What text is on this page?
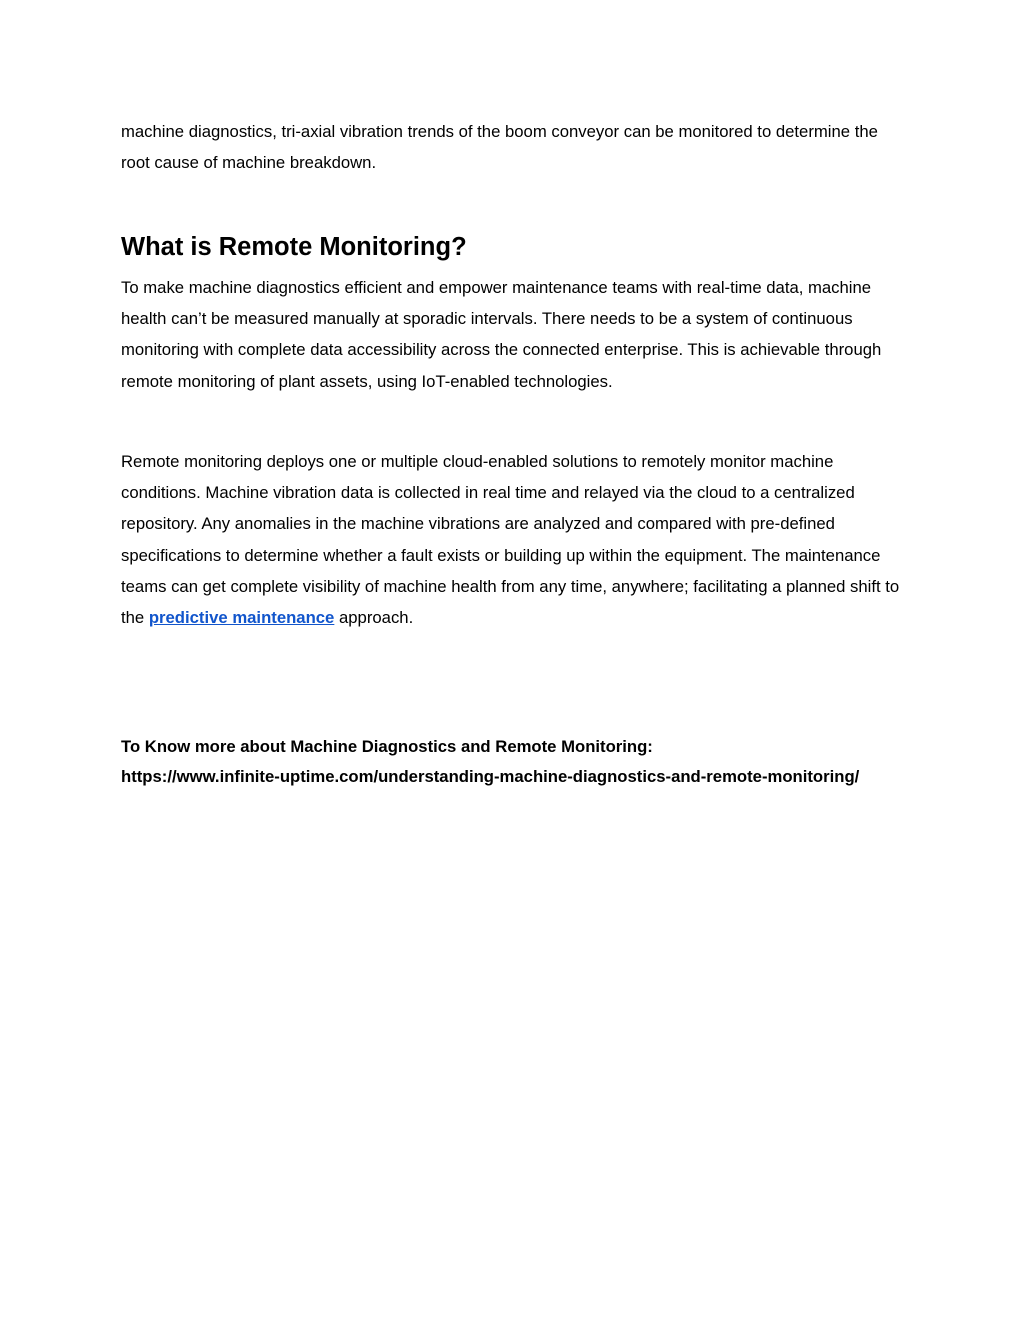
machine diagnostics, tri-axial vibration trends of the boom conveyor can be monitored to determine the root cause of machine breakdown.

What is Remote Monitoring?

To make machine diagnostics efficient and empower maintenance teams with real-time data, machine health can’t be measured manually at sporadic intervals. There needs to be a system of continuous monitoring with complete data accessibility across the connected enterprise. This is achievable through remote monitoring of plant assets, using IoT-enabled technologies.

Remote monitoring deploys one or multiple cloud-enabled solutions to remotely monitor machine conditions. Machine vibration data is collected in real time and relayed via the cloud to a centralized repository. Any anomalies in the machine vibrations are analyzed and compared with pre-defined specifications to determine whether a fault exists or building up within the equipment. The maintenance teams can get complete visibility of machine health from any time, anywhere; facilitating a planned shift to the predictive maintenance approach.

To Know more about Machine Diagnostics and Remote Monitoring:
https://www.infinite-uptime.com/understanding-machine-diagnostics-and-remote-monitoring/
